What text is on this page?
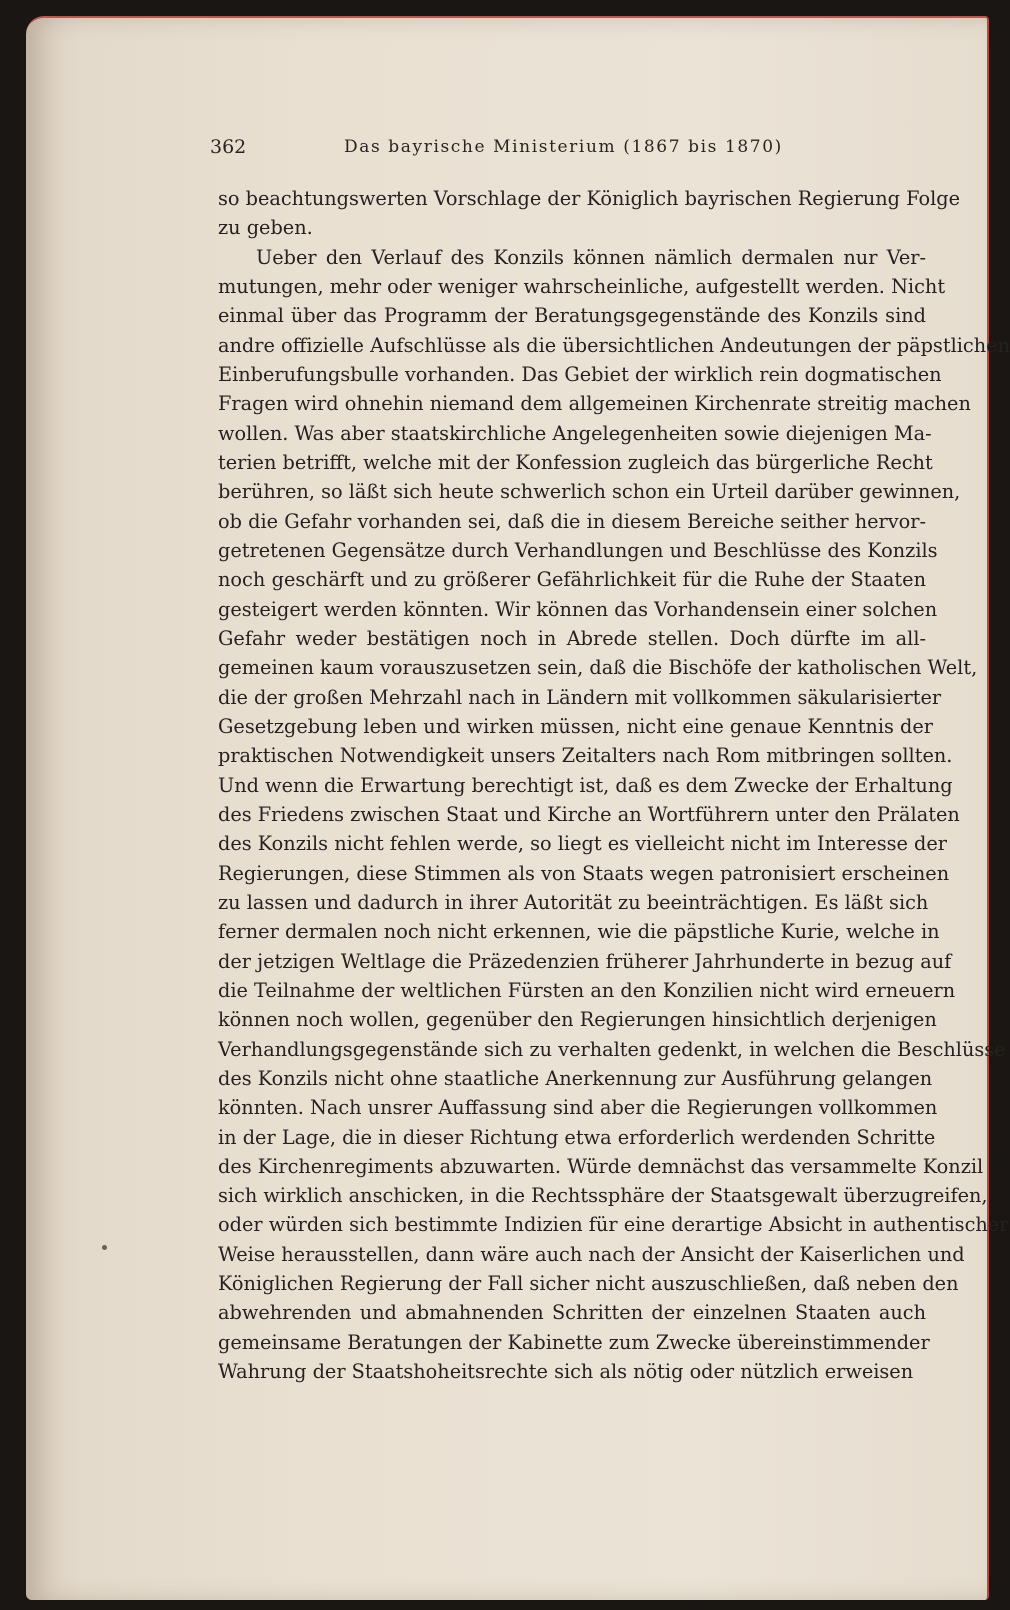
362	Das bayrische Ministerium (1867 bis 1870)
so beachtungswerten Vorschlage der Königlich bayrischen Regierung Folge
zu geben.
Ueber den Verlauf des Konzils können nämlich dermalen nur Ver-
mutungen, mehr oder weniger wahrscheinliche, aufgestellt werden. Nicht
einmal über das Programm der Beratungsgegenstände des Konzils sind
andre offizielle Aufschlüsse als die übersichtlichen Andeutungen der päpstlichen
Einberufungsbulle vorhanden. Das Gebiet der wirklich rein dogmatischen
Fragen wird ohnehin niemand dem allgemeinen Kirchenrate streitig machen
wollen. Was aber staatskirchliche Angelegenheiten sowie diejenigen Ma-
terien betrifft, welche mit der Konfession zugleich das bürgerliche Recht
berühren, so läßt sich heute schwerlich schon ein Urteil darüber gewinnen,
ob die Gefahr vorhanden sei, daß die in diesem Bereiche seither hervor-
getretenen Gegensätze durch Verhandlungen und Beschlüsse des Konzils
noch geschärft und zu größerer Gefährlichkeit für die Ruhe der Staaten
gesteigert werden könnten. Wir können das Vorhandensein einer solchen
Gefahr weder bestätigen noch in Abrede stellen. Doch dürfte im all-
gemeinen kaum vorauszusetzen sein, daß die Bischöfe der katholischen Welt,
die der großen Mehrzahl nach in Ländern mit vollkommen säkularisierter
Gesetzgebung leben und wirken müssen, nicht eine genaue Kenntnis der
praktischen Notwendigkeit unsers Zeitalters nach Rom mitbringen sollten.
Und wenn die Erwartung berechtigt ist, daß es dem Zwecke der Erhaltung
des Friedens zwischen Staat und Kirche an Wortführern unter den Prälaten
des Konzils nicht fehlen werde, so liegt es vielleicht nicht im Interesse der
Regierungen, diese Stimmen als von Staats wegen patronisiert erscheinen
zu lassen und dadurch in ihrer Autorität zu beeinträchtigen. Es läßt sich
ferner dermalen noch nicht erkennen, wie die päpstliche Kurie, welche in
der jetzigen Weltlage die Präzedenzien früherer Jahrhunderte in bezug auf
die Teilnahme der weltlichen Fürsten an den Konzilien nicht wird erneuern
können noch wollen, gegenüber den Regierungen hinsichtlich derjenigen
Verhandlungsgegenstände sich zu verhalten gedenkt, in welchen die Beschlüsse
des Konzils nicht ohne staatliche Anerkennung zur Ausführung gelangen
könnten. Nach unsrer Auffassung sind aber die Regierungen vollkommen
in der Lage, die in dieser Richtung etwa erforderlich werdenden Schritte
des Kirchenregiments abzuwarten. Würde demnächst das versammelte Konzil
sich wirklich anschicken, in die Rechtssphäre der Staatsgewalt überzugreifen,
oder würden sich bestimmte Indizien für eine derartige Absicht in authentischer
Weise herausstellen, dann wäre auch nach der Ansicht der Kaiserlichen und
Königlichen Regierung der Fall sicher nicht auszuschließen, daß neben den
abwehrenden und abmahnenden Schritten der einzelnen Staaten auch
gemeinsame Beratungen der Kabinette zum Zwecke übereinstimmender
Wahrung der Staatshoheitsrechte sich als nötig oder nützlich erweisen
